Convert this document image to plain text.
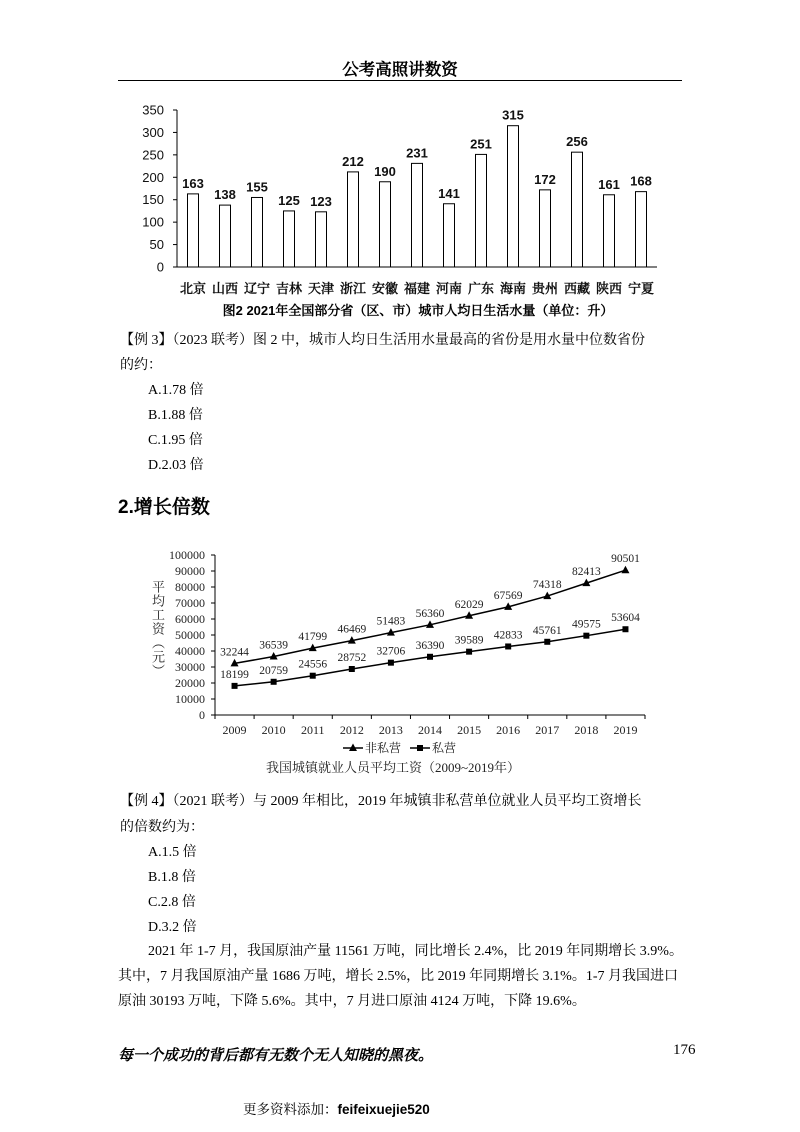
公考高照讲数资
0
50
100
150
200
250
300
350
163
北京
138
山西
155
辽宁
125
吉林
123
天津
212
浙江
190
安徽
231
福建
141
河南
251
广东
315
海南
172
贵州
256
西藏
161
陕西
168
宁夏
图2 2021年全国部分省（区、市）城市人均日生活水量（单位：升）
【例 3】（2023 联考）图 2 中，城市人均日生活用水量最高的省份是用水量中位数省份
的约：
A.1.78 倍
B.1.88 倍
C.1.95 倍
D.2.03 倍
2.增长倍数
平均工资（元）
0
10000
20000
30000
40000
50000
60000
70000
80000
90000
100000
2009 2010 2011 2012 2013 2014 2015 2016 2017 2018 2019
32244
36539
41799
46469
51483
56360
62029
67569
74318
82413
90501
非私营
18199 20759
24556
28752
32706 36390 39589 42833 45761
49575
53604
私营
我国城镇就业人员平均工资（2009~2019年）
【例 4】（2021 联考）与 2009 年相比，2019 年城镇非私营单位就业人员平均工资增长
的倍数约为：
A.1.5 倍
B.1.8 倍
C.2.8 倍
D.3.2 倍
2021 年 1-7 月，我国原油产量 11561 万吨，同比增长 2.4%，比 2019 年同期增长 3.9%。
其中，7 月我国原油产量 1686 万吨，增长 2.5%，比 2019 年同期增长 3.1%。1-7 月我国进口
原油 30193 万吨，下降 5.6%。其中，7 月进口原油 4124 万吨，下降 19.6%。
每一个成功的背后都有无数个无人知晓的黑夜。	176
更多资料添加：feifeixuejie520
